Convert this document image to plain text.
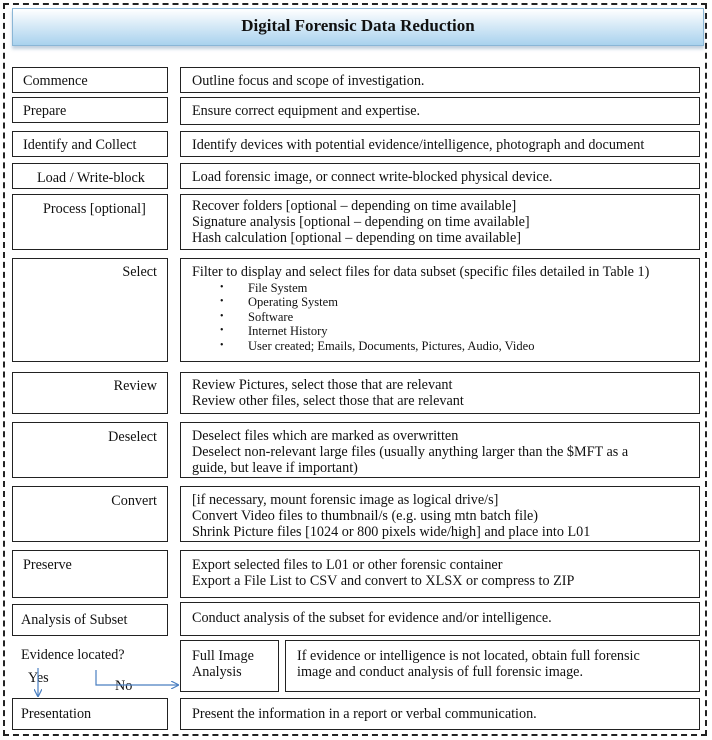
Digital Forensic Data Reduction
Commence
Prepare
Identify and Collect
Load / Write-block
Process [optional]
Select
Review
Deselect
Convert
Preserve
Analysis of Subset
Presentation
Outline focus and scope of investigation.
Ensure correct equipment and expertise.
Identify devices with potential evidence/intelligence, photograph and document
Load forensic image, or connect write-blocked physical device.
Recover folders [optional – depending on time available]
Signature analysis [optional – depending on time available]
Hash calculation [optional – depending on time available]
Filter to display and select files for data subset (specific files detailed in Table 1)
• File System
• Operating System
• Software
• Internet History
• User created; Emails, Documents, Pictures, Audio, Video
Review Pictures, select those that are relevant
Review other files, select those that are relevant
Deselect files which are marked as overwritten
Deselect non-relevant large files (usually anything larger than the $MFT as a
guide, but leave if important)
[if necessary, mount forensic image as logical drive/s]
Convert Video files to thumbnail/s (e.g. using mtn batch file)
Shrink Picture files [1024 or 800 pixels wide/high] and place into L01
Export selected files to L01 or other forensic container
Export a File List to CSV and convert to XLSX or compress to ZIP
Conduct analysis of the subset for evidence and/or intelligence.
Evidence located?
Yes	No
Full Image
Analysis
If evidence or intelligence is not located, obtain full forensic
image and conduct analysis of full forensic image.
Present the information in a report or verbal communication.
